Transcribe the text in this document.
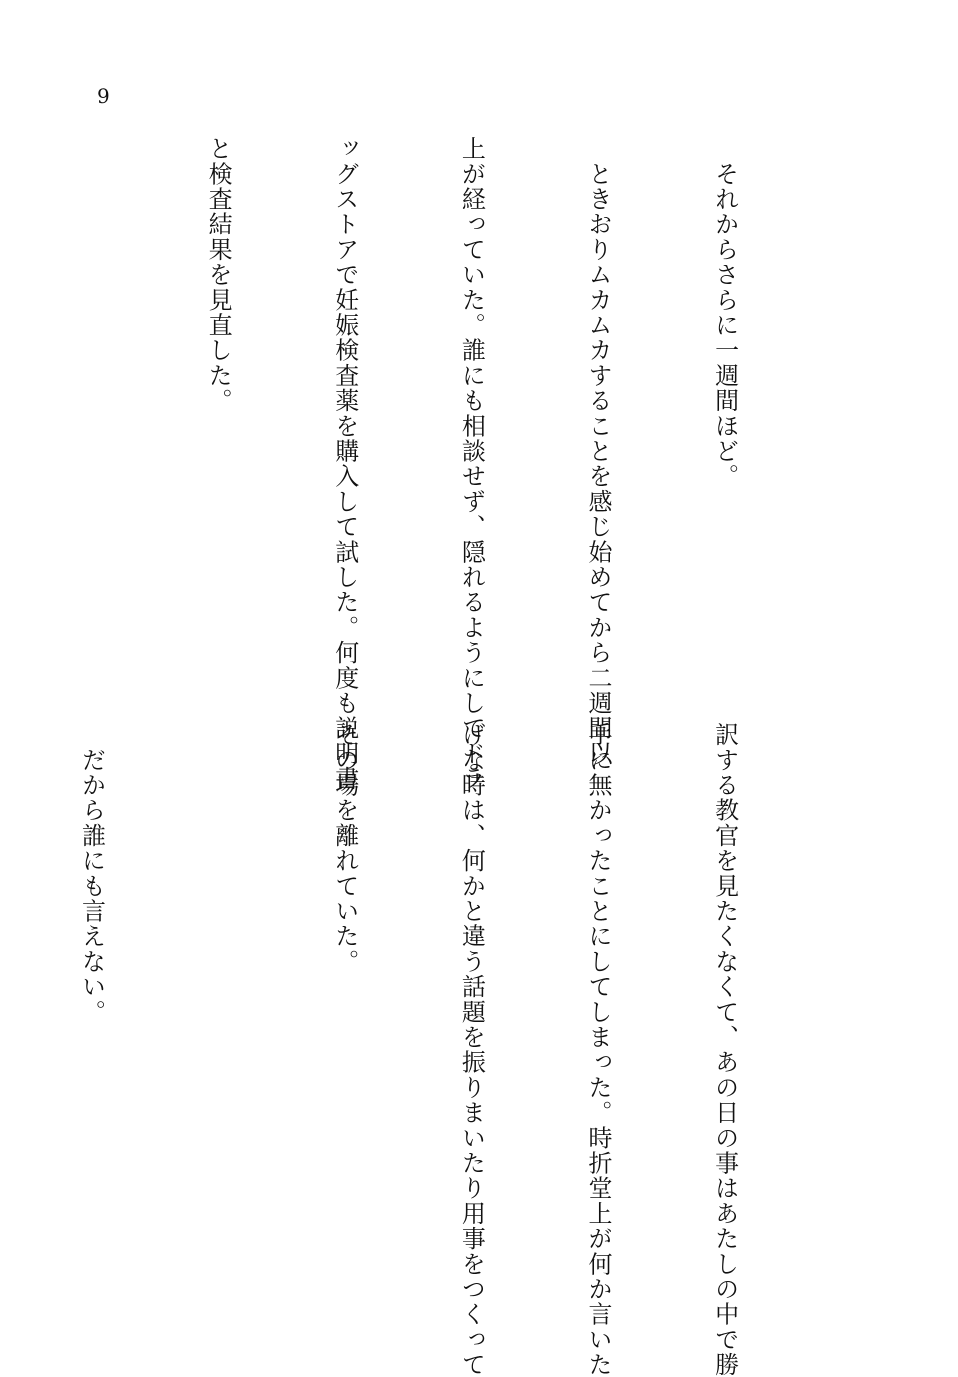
9

　それからさらに一週間ほど。

　ときおりムカムカすることを感じ始めてから二週間以

上が経っていた。誰にも相談せず、隠れるようにしてドラ

ッグストアで妊娠検査薬を購入して試した。何度も説明書

と検査結果を見直した。

訳する教官を見たくなくて、あの日の事はあたしの中で勝

手に無かったことにしてしまった。時折堂上が何か言いた

げな時は、何かと違う話題を振りまいたり用事をつくって

その場を離れていた。

　だから誰にも言えない。
